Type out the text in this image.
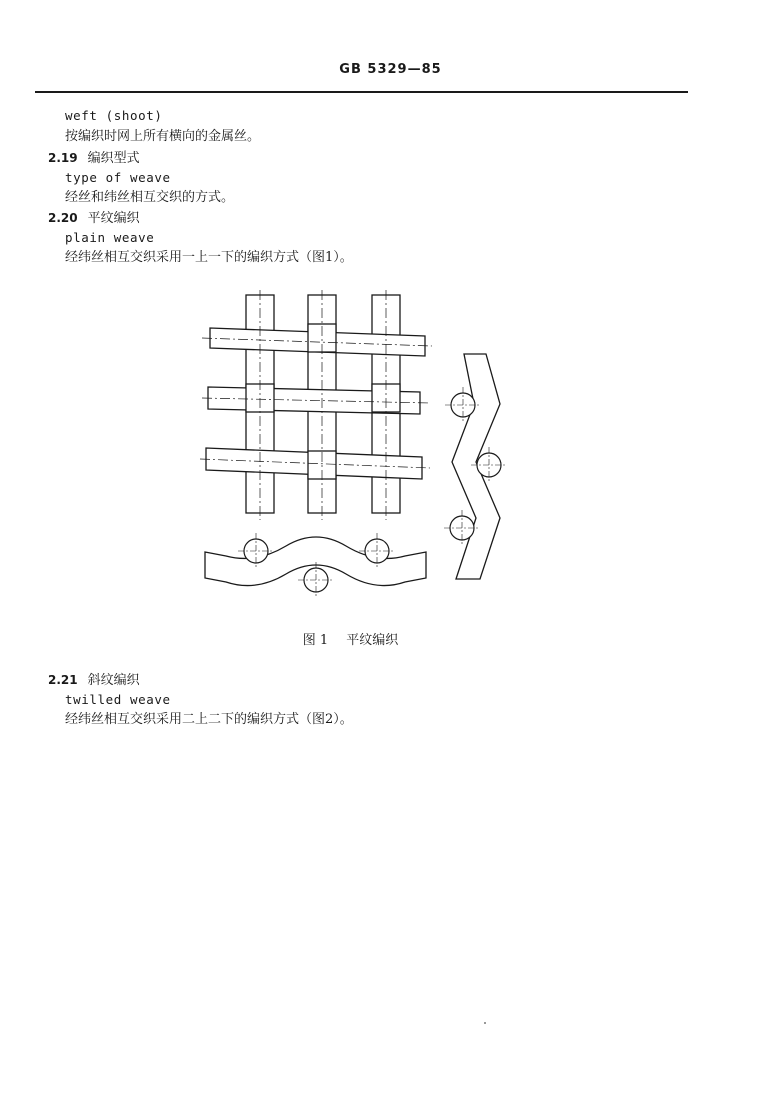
GB 5329—85
weft (shoot)
按编织时网上所有横向的金属丝。
2.19 编织型式
type of weave
经丝和纬丝相互交织的方式。
2.20 平纹编织
plain weave
经纬丝相互交织采用一上一下的编织方式（图1）。
图 1 平纹编织
2.21 斜纹编织
twilled weave
经纬丝相互交织采用二上二下的编织方式（图2）。
